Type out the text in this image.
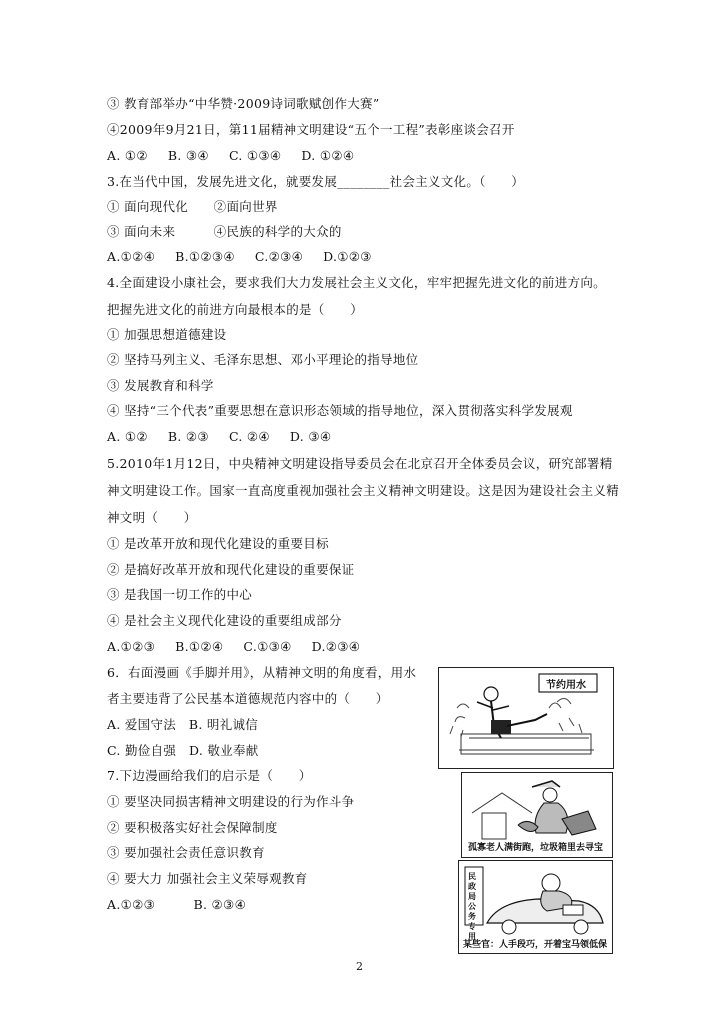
③ 教育部举办“中华赞·2009诗词歌赋创作大赛”
④2009年9月21日，第11届精神文明建设“五个一工程”表彰座谈会召开
A. ①② B. ③④ C. ①③④ D. ①②④
3.在当代中国，发展先进文化，就要发展________社会主义文化。（　　）
① 面向现代化　　②面向世界
③ 面向未来　　　④民族的科学的大众的
A.①②④ B.①②③④ C.②③④ D.①②③
4.全面建设小康社会，要求我们大力发展社会主义文化，牢牢把握先进文化的前进方向。
把握先进文化的前进方向最根本的是（　　）
① 加强思想道德建设
② 坚持马列主义、毛泽东思想、邓小平理论的指导地位
③ 发展教育和科学
④ 坚持“三个代表”重要思想在意识形态领域的指导地位，深入贯彻落实科学发展观
A. ①② B. ②③ C. ②④ D. ③④
5.2010年1月12日，中央精神文明建设指导委员会在北京召开全体委员会议，研究部署精
神文明建设工作。国家一直高度重视加强社会主义精神文明建设。这是因为建设社会主义精
神文明（　　）
① 是改革开放和现代化建设的重要目标
② 是搞好改革开放和现代化建设的重要保证
③ 是我国一切工作的中心
④ 是社会主义现代化建设的重要组成部分
A.①②③ B.①②④ C.①③④ D.②③④
6．右面漫画《手脚并用》，从精神文明的角度看，用水
者主要违背了公民基本道德规范内容中的（　　）
A. 爱国守法　B. 明礼诚信
C. 勤俭自强　D. 敬业奉献
7.下边漫画给我们的启示是（　　）
① 要坚决同损害精神文明建设的行为作斗争
② 要积极落实好社会保障制度
③ 要加强社会责任意识教育
④ 要大力 加强社会主义荣辱观教育
A.①②③　　　B. ②③④
节约用水
孤寡老人满街跑，垃圾箱里去寻宝
民政局公务专用
某些官：人手段巧，开着宝马领低保
2
